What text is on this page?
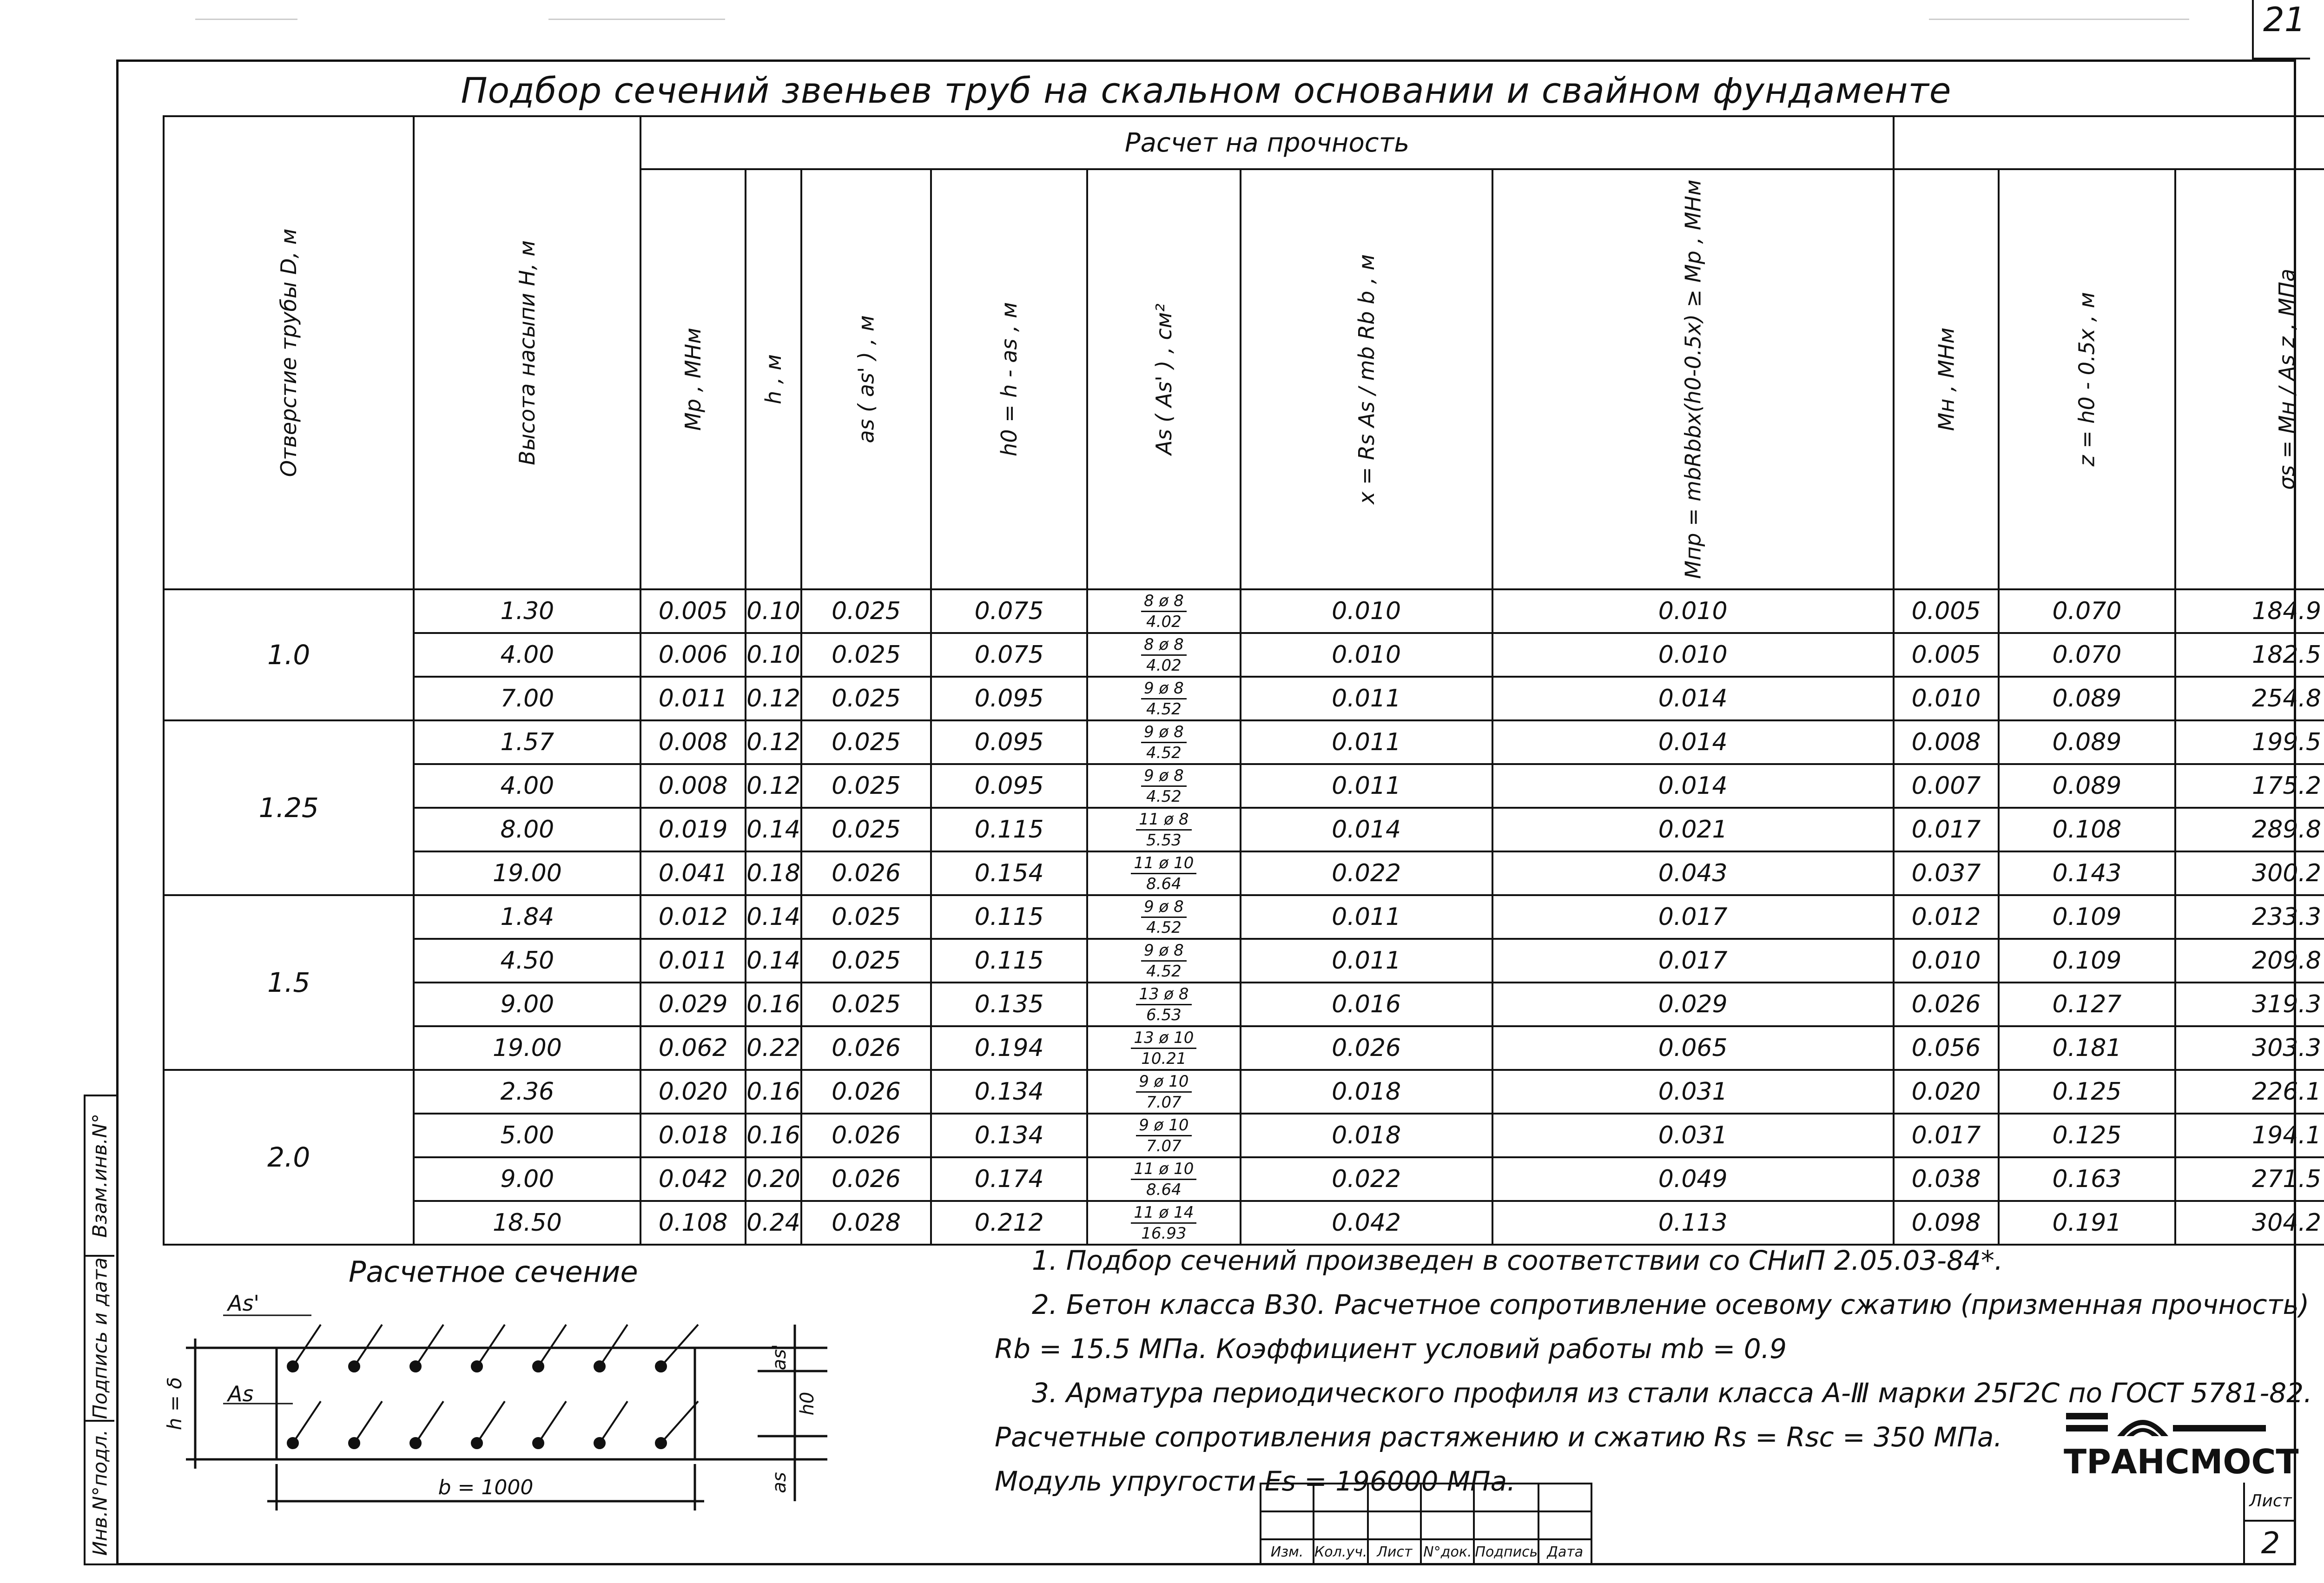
21
Взам.инв.N°
Подпись и дата
Инв.N°подл.
Подбор сечений звеньев труб на скальном основании и свайном фундаменте
Отверстие трубы D, м	Высота насыпи H, м	Расчет на прочность		
		Mp , МНм	h , м	as ( as' ) , м	h0 = h - as , м	As ( As' ) , см²	x = Rs As / mb Rb b , м	Mпр = mbRbbx(h0-0.5x) ≥ Mp , МНм	Mн , МНм	z = h0 - 0.5x , м	σs = Mн / As z , МПа									
1.0	1.30	0.005	0.10	0.025	0.075	$\frac{8 ø 8}{4.02}$	0.010	0.010	0.005	0.070	184.9									
	4.00	0.006	0.10	0.025	0.075	$\frac{8 ø 8}{4.02}$	0.010	0.010	0.005	0.070	182.5									
	7.00	0.011	0.12	0.025	0.095	$\frac{9 ø 8}{4.52}$	0.011	0.014	0.010	0.089	254.8									
1.25	1.57	0.008	0.12	0.025	0.095	$\frac{9 ø 8}{4.52}$	0.011	0.014	0.008	0.089	199.5									
	4.00	0.008	0.12	0.025	0.095	$\frac{9 ø 8}{4.52}$	0.011	0.014	0.007	0.089	175.2									
	8.00	0.019	0.14	0.025	0.115	$\frac{11 ø 8}{5.53}$	0.014	0.021	0.017	0.108	289.8									
	19.00	0.041	0.18	0.026	0.154	$\frac{11 ø 10}{8.64}$	0.022	0.043	0.037	0.143	300.2									
1.5	1.84	0.012	0.14	0.025	0.115	$\frac{9 ø 8}{4.52}$	0.011	0.017	0.012	0.109	233.3									
	4.50	0.011	0.14	0.025	0.115	$\frac{9 ø 8}{4.52}$	0.011	0.017	0.010	0.109	209.8									
	9.00	0.029	0.16	0.025	0.135	$\frac{13 ø 8}{6.53}$	0.016	0.029	0.026	0.127	319.3									
	19.00	0.062	0.22	0.026	0.194	$\frac{13 ø 10}{10.21}$	0.026	0.065	0.056	0.181	303.3									
2.0	2.36	0.020	0.16	0.026	0.134	$\frac{9 ø 10}{7.07}$	0.018	0.031	0.020	0.125	226.1									
	5.00	0.018	0.16	0.026	0.134	$\frac{9 ø 10}{7.07}$	0.018	0.031	0.017	0.125	194.1									
	9.00	0.042	0.20	0.026	0.174	$\frac{11 ø 10}{8.64}$	0.022	0.049	0.038	0.163	271.5									
	18.50	0.108	0.24	0.028	0.212	$\frac{11 ø 14}{16.93}$	0.042	0.113	0.098	0.191	304.2									
Расчетное сечение
As'
As
h = δ
b = 1000
as'
h0
as

1. Подбор сечений произведен в соответствии со СНиП 2.05.03-84*.

2. Бетон класса В30. Расчетное сопротивление осевому сжатию (призменная прочность)

Rb = 15.5 МПа. Коэффициент условий работы mb = 0.9

3. Арматура периодического профиля из стали класса А-Ⅲ марки 25Г2С по ГОСТ 5781-82.

Расчетные сопротивления растяжению и сжатию Rs = Rsc = 350 МПа.

Модуль упругости Es = 196000 МПа.	ТРАНСМОСТ

Изм.	Кол.уч.	Лист	N°док.	Подпись	Дата
Лист
2
